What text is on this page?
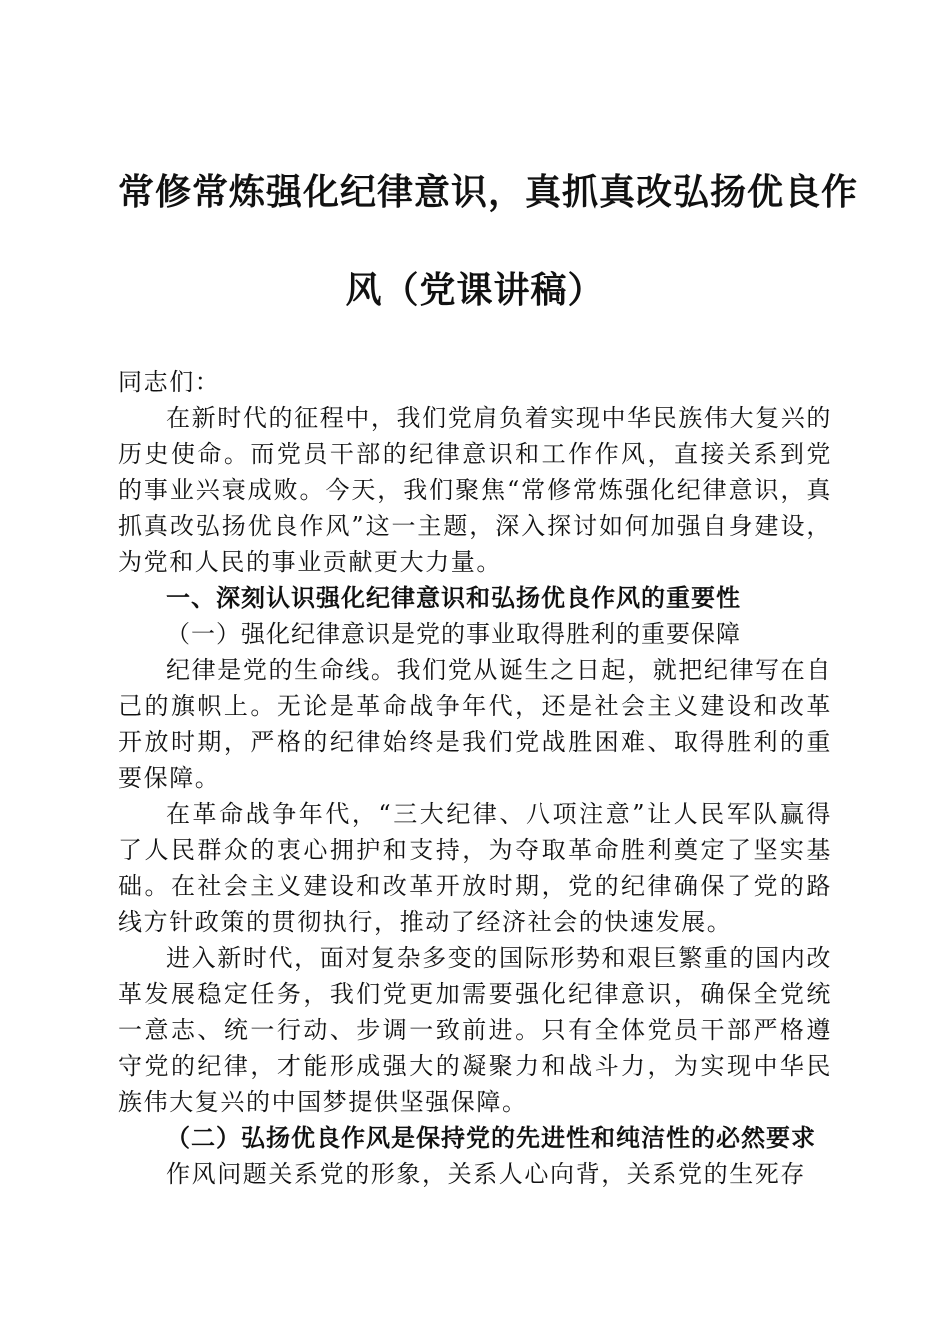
常修常炼强化纪律意识，真抓真改弘扬优良作
风（党课讲稿）

同志们：

在新时代的征程中，我们党肩负着实现中华民族伟大复兴的历史使命。而党员干部的纪律意识和工作作风，直接关系到党的事业兴衰成败。今天，我们聚焦“常修常炼强化纪律意识，真抓真改弘扬优良作风”这一主题，深入探讨如何加强自身建设，为党和人民的事业贡献更大力量。

一、深刻认识强化纪律意识和弘扬优良作风的重要性

（一）强化纪律意识是党的事业取得胜利的重要保障

纪律是党的生命线。我们党从诞生之日起，就把纪律写在自己的旗帜上。无论是革命战争年代，还是社会主义建设和改革开放时期，严格的纪律始终是我们党战胜困难、取得胜利的重要保障。

在革命战争年代，“三大纪律、八项注意”让人民军队赢得了人民群众的衷心拥护和支持，为夺取革命胜利奠定了坚实基础。在社会主义建设和改革开放时期，党的纪律确保了党的路线方针政策的贯彻执行，推动了经济社会的快速发展。

进入新时代，面对复杂多变的国际形势和艰巨繁重的国内改革发展稳定任务，我们党更加需要强化纪律意识，确保全党统一意志、统一行动、步调一致前进。只有全体党员干部严格遵守党的纪律，才能形成强大的凝聚力和战斗力，为实现中华民族伟大复兴的中国梦提供坚强保障。

（二）弘扬优良作风是保持党的先进性和纯洁性的必然要求

作风问题关系党的形象，关系人心向背，关系党的生死存
